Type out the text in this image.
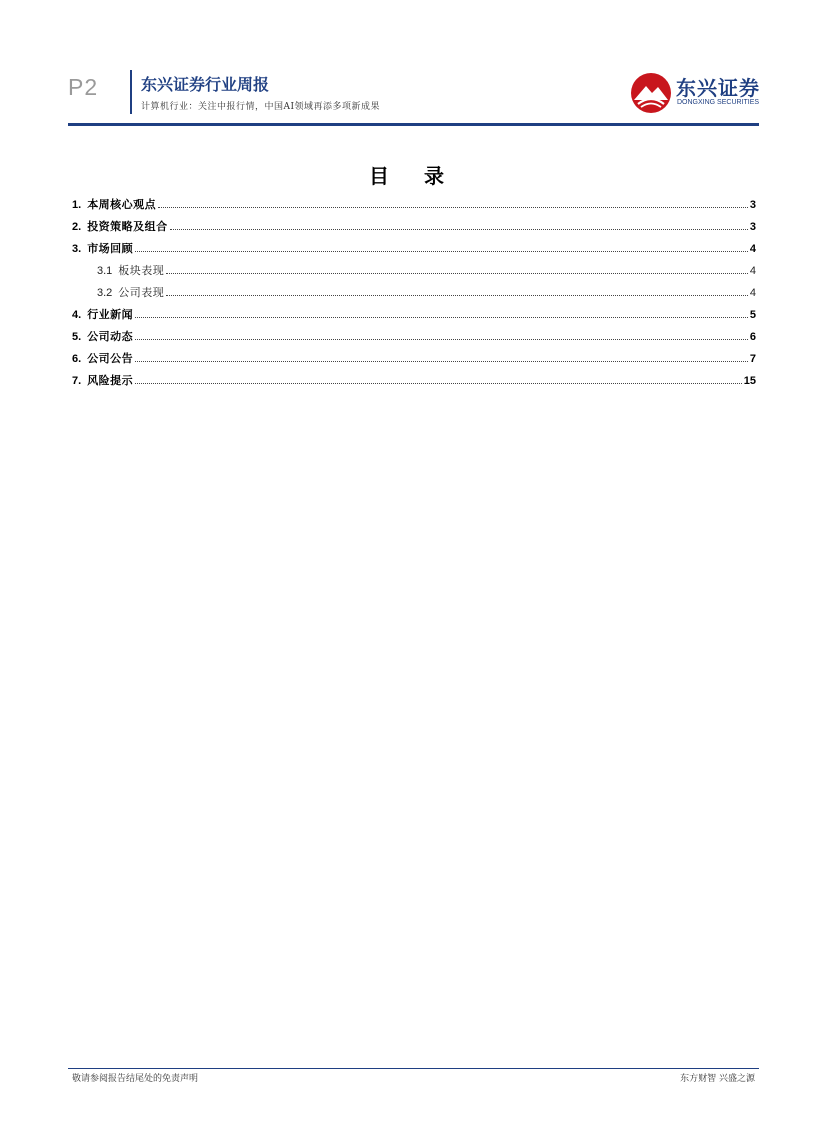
P2	东兴证券行业周报
计算机行业：关注中报行情，中国AI领域再添多项新成果
东兴证券
DONGXING SECURITIES
目 录
1. 本周核心观点	3
2. 投资策略及组合	3
3. 市场回顾	4
3.1 板块表现	4
3.2 公司表现	4
4. 行业新闻	5
5. 公司动态	6
6. 公司公告	7
7. 风险提示	15
敬请参阅报告结尾处的免责声明	东方财智 兴盛之源
